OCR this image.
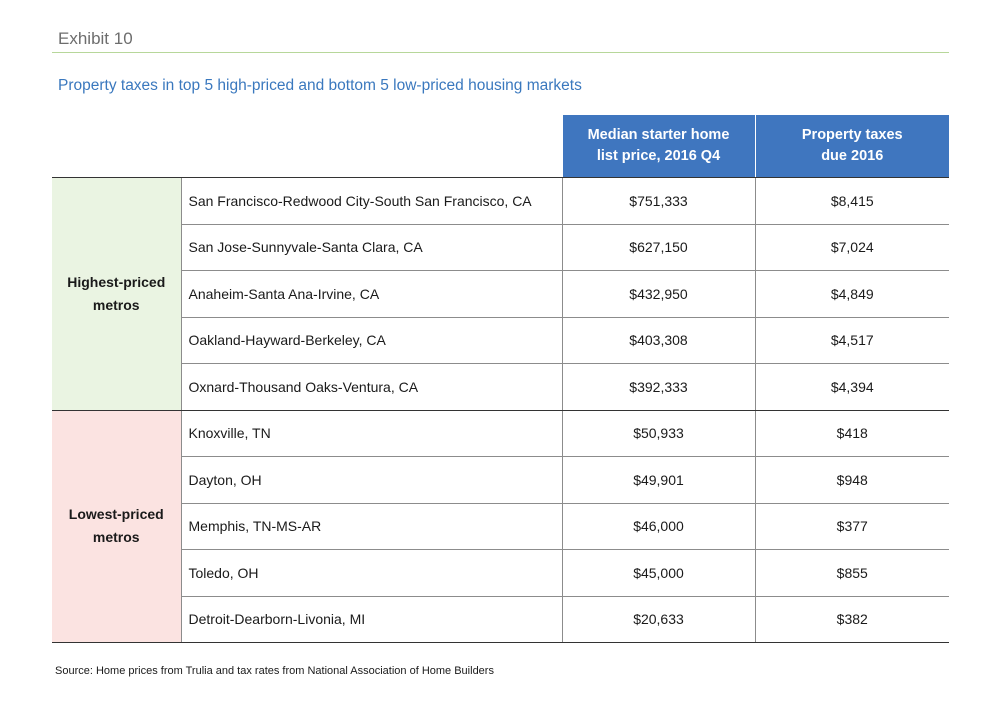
Exhibit 10
Property taxes in top 5 high-priced and bottom 5 low-priced housing markets

		Median starter home
list price, 2016 Q4	Property taxes
due 2016

Highest-priced
metros	San Francisco-Redwood City-South San Francisco, CA	$751,333	$8,415
	San Jose-Sunnyvale-Santa Clara, CA	$627,150	$7,024
	Anaheim-Santa Ana-Irvine, CA	$432,950	$4,849
	Oakland-Hayward-Berkeley, CA	$403,308	$4,517
	Oxnard-Thousand Oaks-Ventura, CA	$392,333	$4,394
Lowest-priced
metros	Knoxville, TN	$50,933	$418
	Dayton, OH	$49,901	$948
	Memphis, TN-MS-AR	$46,000	$377
	Toledo, OH	$45,000	$855
	Detroit-Dearborn-Livonia, MI	$20,633	$382
Source: Home prices from Trulia and tax rates from National Association of Home Builders
